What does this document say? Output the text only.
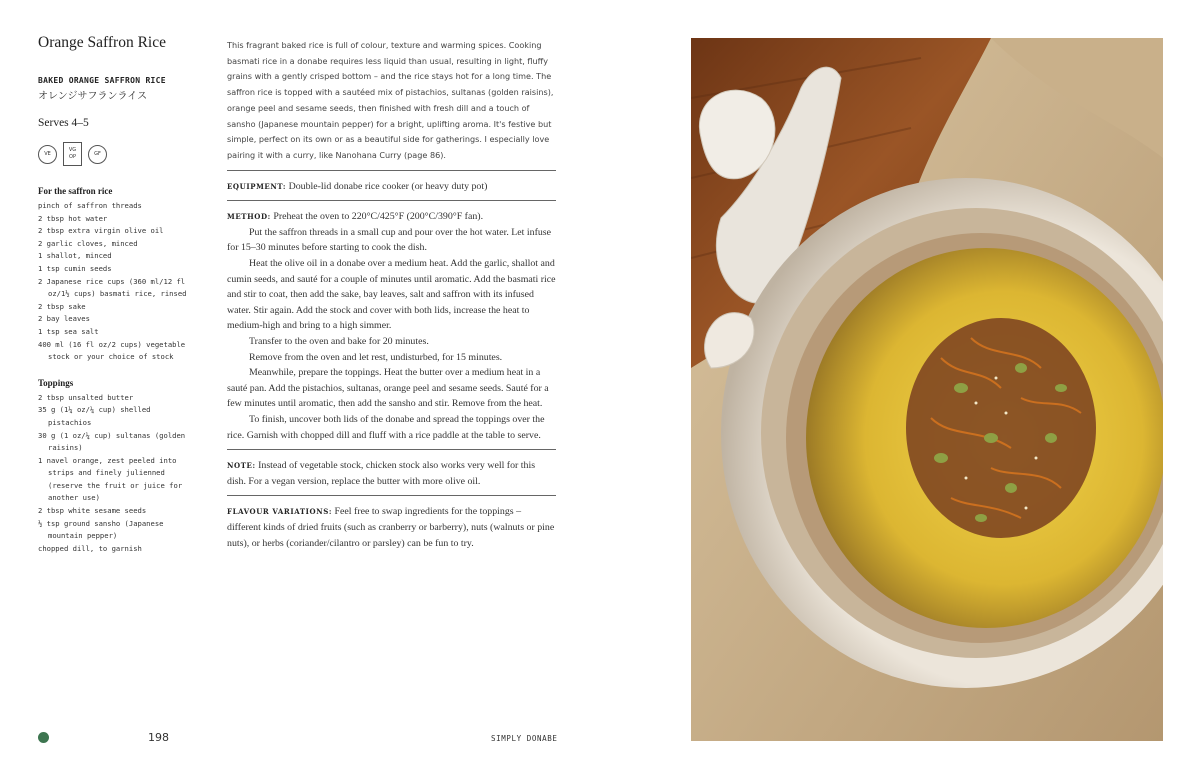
Orange Saffron Rice
BAKED ORANGE SAFFRON RICE
オレンジサフランライス
Serves 4–5
VE
VG
OP	GF
For the saffron rice
pinch of saffron threads
2 tbsp hot water
2 tbsp extra virgin olive oil
2 garlic cloves, minced
1 shallot, minced
1 tsp cumin seeds
2 Japanese rice cups (360 ml/12 fl oz/1½ cups) basmati rice, rinsed
2 tbsp sake
2 bay leaves
1 tsp sea salt
400 ml (16 fl oz/2 cups) vegetable stock or your choice of stock
Toppings
2 tbsp unsalted butter
35 g (1¼ oz/¼ cup) shelled pistachios
30 g (1 oz/¼ cup) sultanas (golden raisins)
1 navel orange, zest peeled into strips and finely julienned (reserve the fruit or juice for another use)
2 tbsp white sesame seeds
½ tsp ground sansho (Japanese mountain pepper)
chopped dill, to garnish

This fragrant baked rice is full of colour, texture and warming spices. Cooking basmati rice in a donabe requires less liquid than usual, resulting in light, fluffy grains with a gently crisped bottom – and the rice stays hot for a long time. The saffron rice is topped with a sautéed mix of pistachios, sultanas (golden raisins), orange peel and sesame seeds, then finished with fresh dill and a touch of sansho (Japanese mountain pepper) for a bright, uplifting aroma. It's festive but simple, perfect on its own or as a beautiful side for gatherings. I especially love pairing it with a curry, like Nanohana Curry (page 86).

EQUIPMENT: Double-lid donabe rice cooker (or heavy duty pot)

METHOD: Preheat the oven to 220°C/425°F (200°C/390°F fan).

Put the saffron threads in a small cup and pour over the hot water. Let infuse for 15–30 minutes before starting to cook the dish.

Heat the olive oil in a donabe over a medium heat. Add the garlic, shallot and cumin seeds, and sauté for a couple of minutes until aromatic. Add the basmati rice and stir to coat, then add the sake, bay leaves, salt and saffron with its infused water. Stir again. Add the stock and cover with both lids, increase the heat to medium-high and bring to a high simmer.

Transfer to the oven and bake for 20 minutes.

Remove from the oven and let rest, undisturbed, for 15 minutes.

Meanwhile, prepare the toppings. Heat the butter over a medium heat in a sauté pan. Add the pistachios, sultanas, orange peel and sesame seeds. Sauté for a few minutes until aromatic, then add the sansho and stir. Remove from the heat.

To finish, uncover both lids of the donabe and spread the toppings over the rice. Garnish with chopped dill and fluff with a rice paddle at the table to serve.

NOTE: Instead of vegetable stock, chicken stock also works very well for this dish. For a vegan version, replace the butter with more olive oil.

FLAVOUR VARIATIONS: Feel free to swap ingredients for the toppings – different kinds of dried fruits (such as cranberry or barberry), nuts (walnuts or pine nuts), or herbs (coriander/cilantro or parsley) can be fun to try.

198	SIMPLY DONABE
